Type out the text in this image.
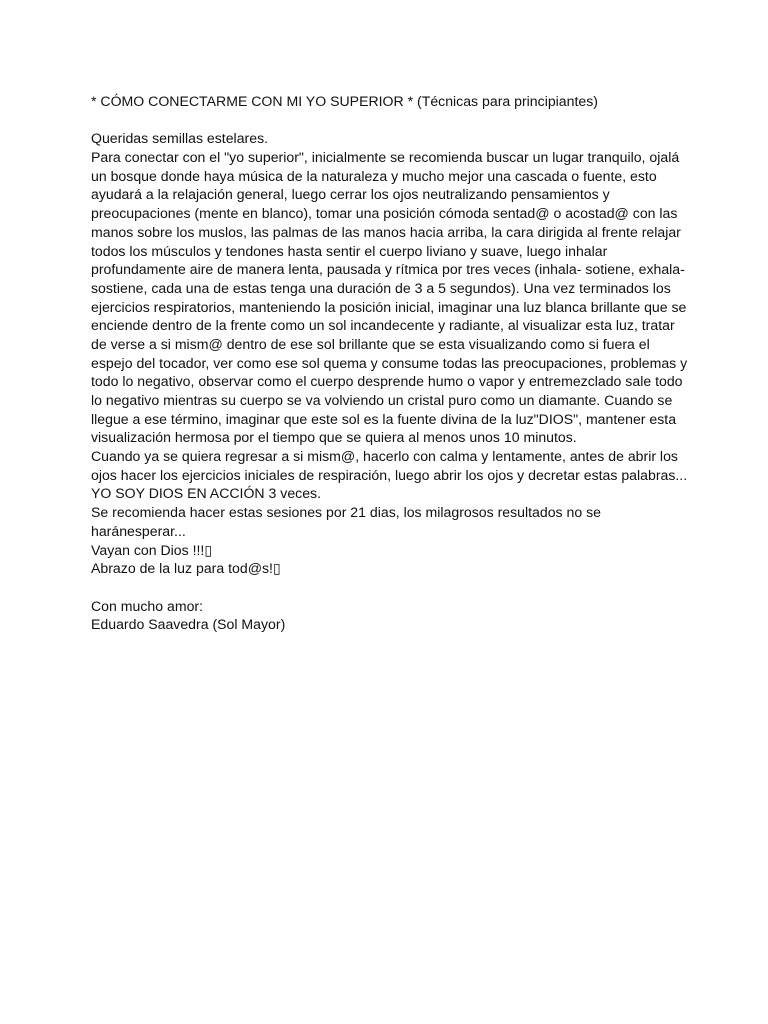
* CÓMO CONECTARME CON MI YO SUPERIOR * (Técnicas para principiantes)
Queridas semillas estelares.
Para conectar con el "yo superior", inicialmente se recomienda buscar un lugar tranquilo, ojalá
un bosque donde haya música de la naturaleza y mucho mejor una cascada o fuente, esto
ayudará a la relajación general, luego cerrar los ojos neutralizando pensamientos y
preocupaciones (mente en blanco), tomar una posición cómoda sentad@ o acostad@ con las
manos sobre los muslos, las palmas de las manos hacia arriba, la cara dirigida al frente relajar
todos los músculos y tendones hasta sentir el cuerpo liviano y suave, luego inhalar
profundamente aire de manera lenta, pausada y rítmica por tres veces (inhala- sotiene, exhala-
sostiene, cada una de estas tenga una duración de 3 a 5 segundos). Una vez terminados los
ejercicios respiratorios, manteniendo la posición inicial, imaginar una luz blanca brillante que se
enciende dentro de la frente como un sol incandecente y radiante, al visualizar esta luz, tratar
de verse a si mism@ dentro de ese sol brillante que se esta visualizando como si fuera el
espejo del tocador, ver como ese sol quema y consume todas las preocupaciones, problemas y
todo lo negativo, observar como el cuerpo desprende humo o vapor y entremezclado sale todo
lo negativo mientras su cuerpo se va volviendo un cristal puro como un diamante. Cuando se
llegue a ese término, imaginar que este sol es la fuente divina de la luz"DIOS", mantener esta
visualización hermosa por el tiempo que se quiera al menos unos 10 minutos.
Cuando ya se quiera regresar a si mism@, hacerlo con calma y lentamente, antes de abrir los
ojos hacer los ejercicios iniciales de respiración, luego abrir los ojos y decretar estas palabras...
YO SOY DIOS EN ACCIÓN 3 veces.
Se recomienda hacer estas sesiones por 21 dias, los milagrosos resultados no se
haránesperar...
Vayan con Dios !!!▯
Abrazo de la luz para tod@s!▯
Con mucho amor:
Eduardo Saavedra (Sol Mayor)
